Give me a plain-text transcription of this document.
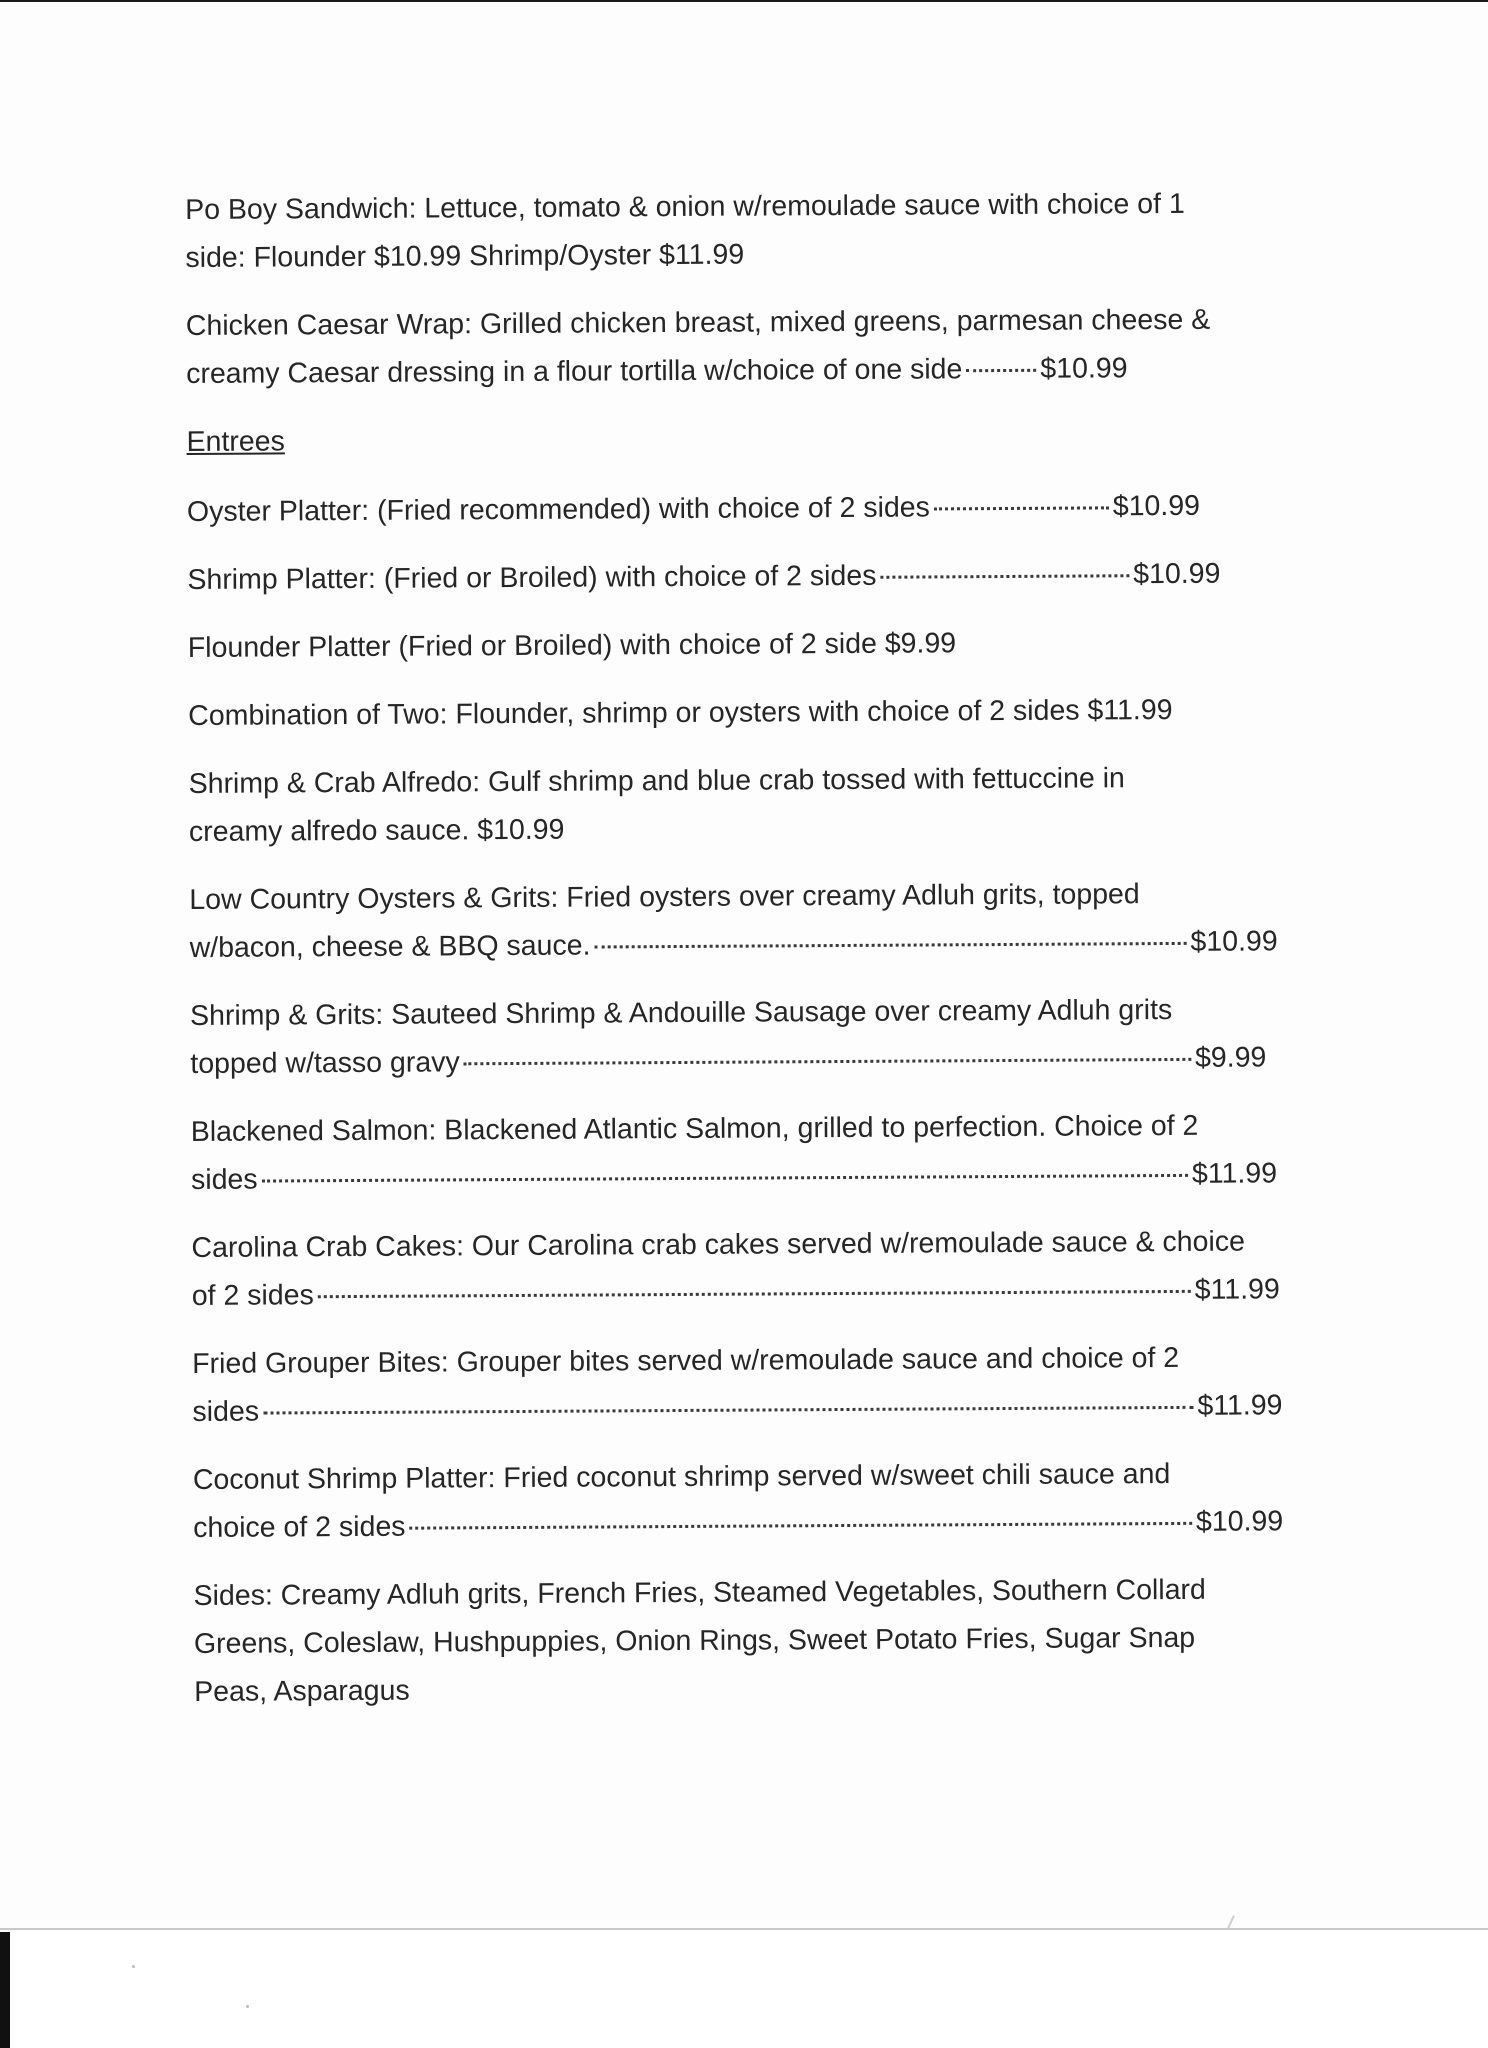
Po Boy Sandwich: Lettuce, tomato & onion w/remoulade sauce with choice of 1
side: Flounder $10.99 Shrimp/Oyster $11.99
Chicken Caesar Wrap: Grilled chicken breast, mixed greens, parmesan cheese &
creamy Caesar dressing in a flour tortilla w/choice of one side	$10.99
Entrees
Oyster Platter: (Fried recommended) with choice of 2 sides	$10.99
Shrimp Platter: (Fried or Broiled) with choice of 2 sides	$10.99
Flounder Platter (Fried or Broiled) with choice of 2 side $9.99
Combination of Two: Flounder, shrimp or oysters with choice of 2 sides $11.99
Shrimp & Crab Alfredo: Gulf shrimp and blue crab tossed with fettuccine in
creamy alfredo sauce. $10.99
Low Country Oysters & Grits: Fried oysters over creamy Adluh grits, topped
w/bacon, cheese & BBQ sauce.	$10.99
Shrimp & Grits: Sauteed Shrimp & Andouille Sausage over creamy Adluh grits
topped w/tasso gravy	$9.99
Blackened Salmon: Blackened Atlantic Salmon, grilled to perfection. Choice of 2
sides	$11.99
Carolina Crab Cakes: Our Carolina crab cakes served w/remoulade sauce & choice
of 2 sides	$11.99
Fried Grouper Bites: Grouper bites served w/remoulade sauce and choice of 2
sides	$11.99
Coconut Shrimp Platter: Fried coconut shrimp served w/sweet chili sauce and
choice of 2 sides	$10.99
Sides: Creamy Adluh grits, French Fries, Steamed Vegetables, Southern Collard
Greens, Coleslaw, Hushpuppies, Onion Rings, Sweet Potato Fries, Sugar Snap
Peas, Asparagus
